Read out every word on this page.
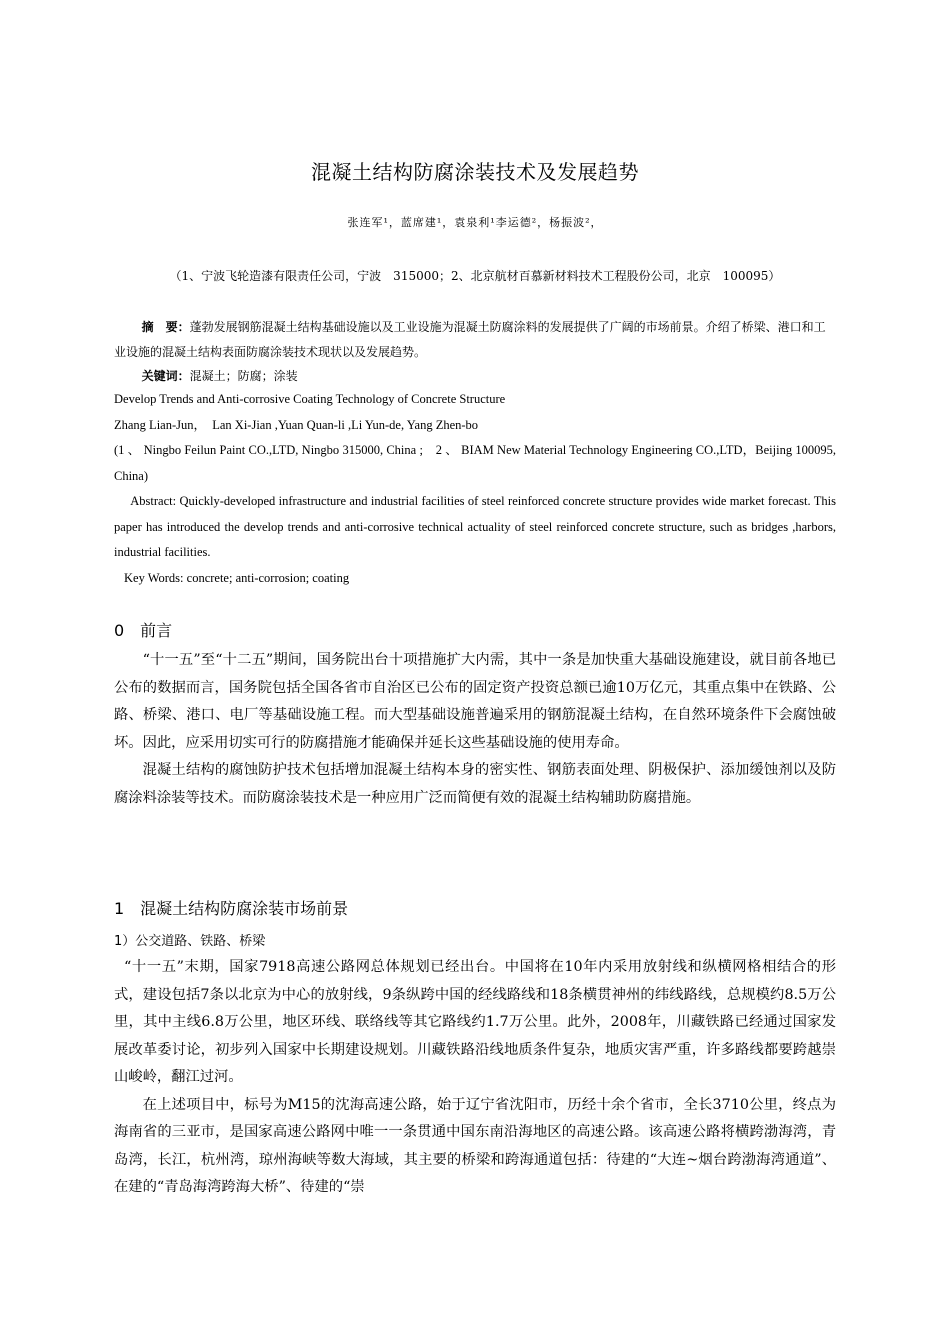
混凝土结构防腐涂装技术及发展趋势
张连军¹，蓝席建¹，袁泉利¹李运德²，杨振波²，
（1、宁波飞轮造漆有限责任公司，宁波　315000；2、北京航材百慕新材料技术工程股份公司，北京　100095）

摘　要：蓬勃发展钢筋混凝土结构基础设施以及工业设施为混凝土防腐涂料的发展提供了广阔的市场前景。介绍了桥梁、港口和工业设施的混凝土结构表面防腐涂装技术现状以及发展趋势。

关键词：混凝土；防腐；涂装

Develop Trends and Anti-corrosive Coating Technology of Concrete Structure

Zhang Lian-Jun，　Lan Xi-Jian ,Yuan Quan-li ,Li Yun-de, Yang Zhen-bo

(1 、 Ningbo Feilun Paint CO.,LTD, Ningbo 315000, China ;　2 、 BIAM New Material Technology Engineering CO.,LTD，Beijing 100095, China)

Abstract: Quickly-developed infrastructure and industrial facilities of steel reinforced concrete structure provides wide market forecast. This paper has introduced the develop trends and anti-corrosive technical actuality of steel reinforced concrete structure, such as bridges ,harbors, industrial facilities.

Key Words: concrete; anti-corrosion; coating

0　前言

“十一五”至“十二五”期间，国务院出台十项措施扩大内需，其中一条是加快重大基础设施建设，就目前各地已公布的数据而言，国务院包括全国各省市自治区已公布的固定资产投资总额已逾10万亿元，其重点集中在铁路、公路、桥梁、港口、电厂等基础设施工程。而大型基础设施普遍采用的钢筋混凝土结构，在自然环境条件下会腐蚀破坏。因此，应采用切实可行的防腐措施才能确保并延长这些基础设施的使用寿命。

混凝土结构的腐蚀防护技术包括增加混凝土结构本身的密实性、钢筋表面处理、阴极保护、添加缓蚀剂以及防腐涂料涂装等技术。而防腐涂装技术是一种应用广泛而简便有效的混凝土结构辅助防腐措施。

1　混凝土结构防腐涂装市场前景
1）公交道路、铁路、桥梁

“十一五”末期，国家7918高速公路网总体规划已经出台。中国将在10年内采用放射线和纵横网格相结合的形式，建设包括7条以北京为中心的放射线，9条纵跨中国的经线路线和18条横贯神州的纬线路线，总规模约8.5万公里，其中主线6.8万公里，地区环线、联络线等其它路线约1.7万公里。此外，2008年，川藏铁路已经通过国家发展改革委讨论，初步列入国家中长期建设规划。川藏铁路沿线地质条件复杂，地质灾害严重，许多路线都要跨越崇山峻岭，翻江过河。

在上述项目中，标号为M15的沈海高速公路，始于辽宁省沈阳市，历经十余个省市，全长3710公里，终点为海南省的三亚市，是国家高速公路网中唯一一条贯通中国东南沿海地区的高速公路。该高速公路将横跨渤海湾，青岛湾，长江，杭州湾，琼州海峡等数大海域，其主要的桥梁和跨海通道包括：待建的“大连~烟台跨渤海湾通道”、在建的“青岛海湾跨海大桥”、待建的“崇
